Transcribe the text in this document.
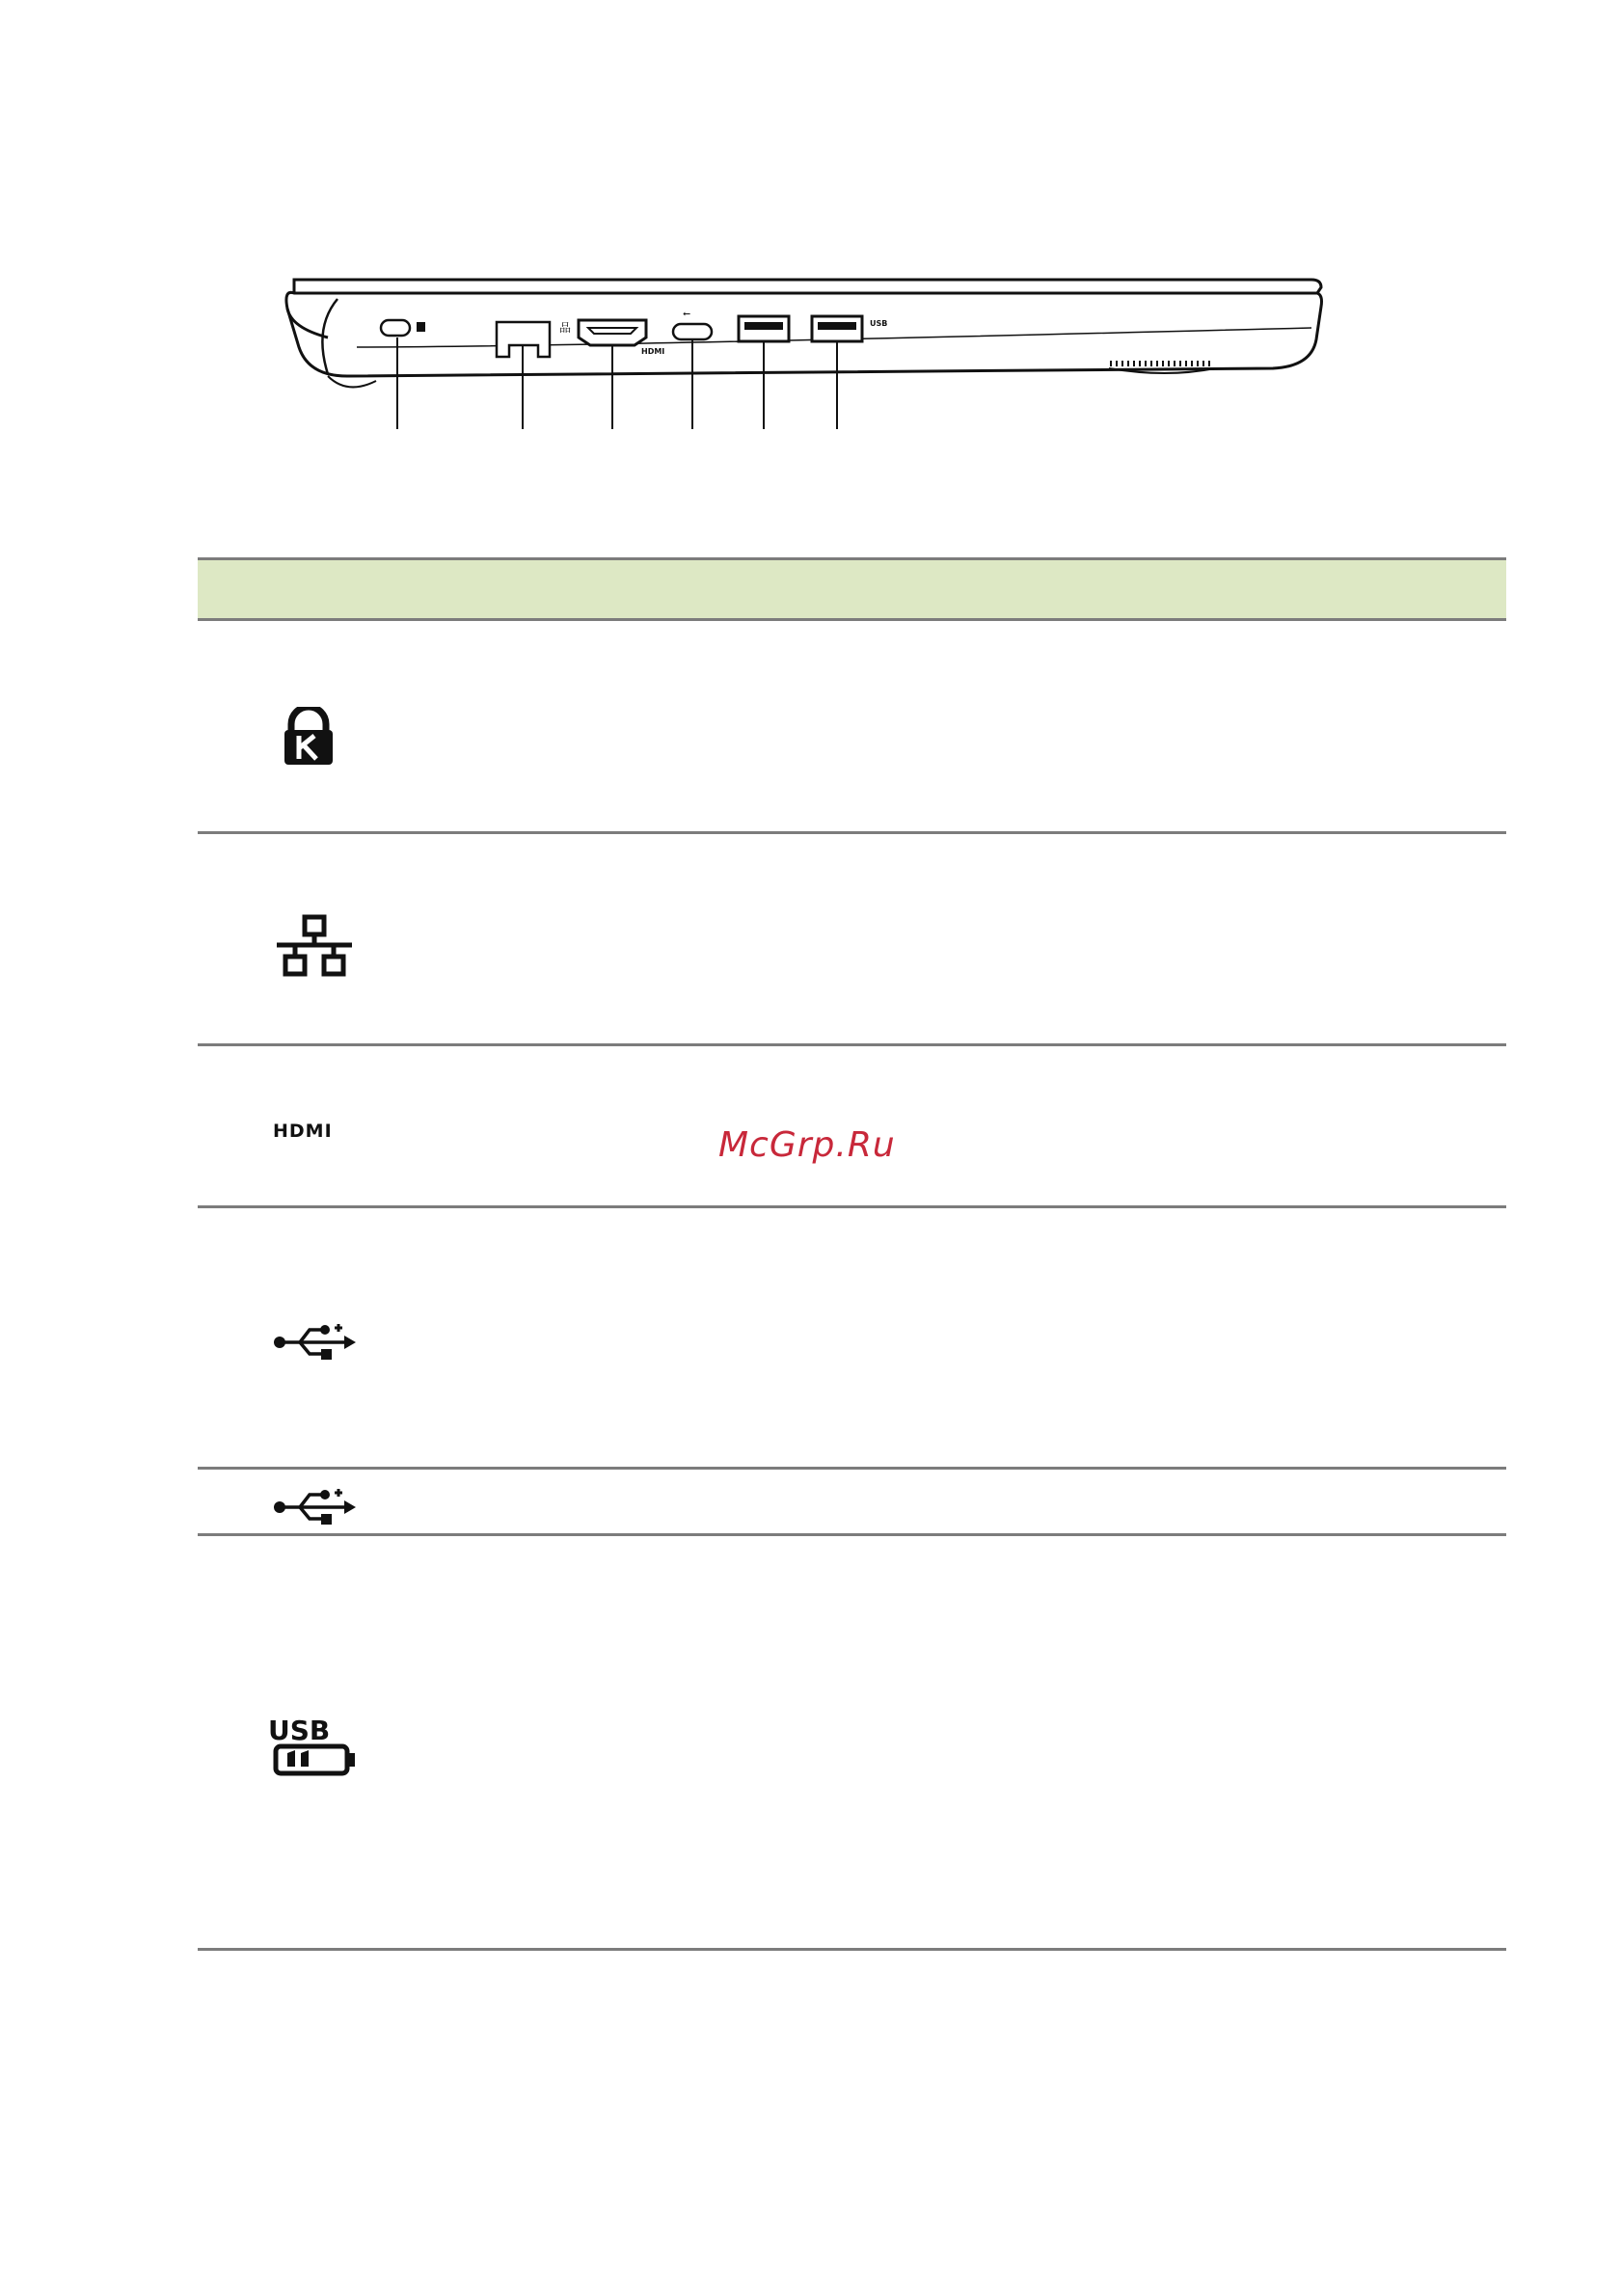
品
HDMI
⭠
USB
HDMI
USB
McGrp.Ru
